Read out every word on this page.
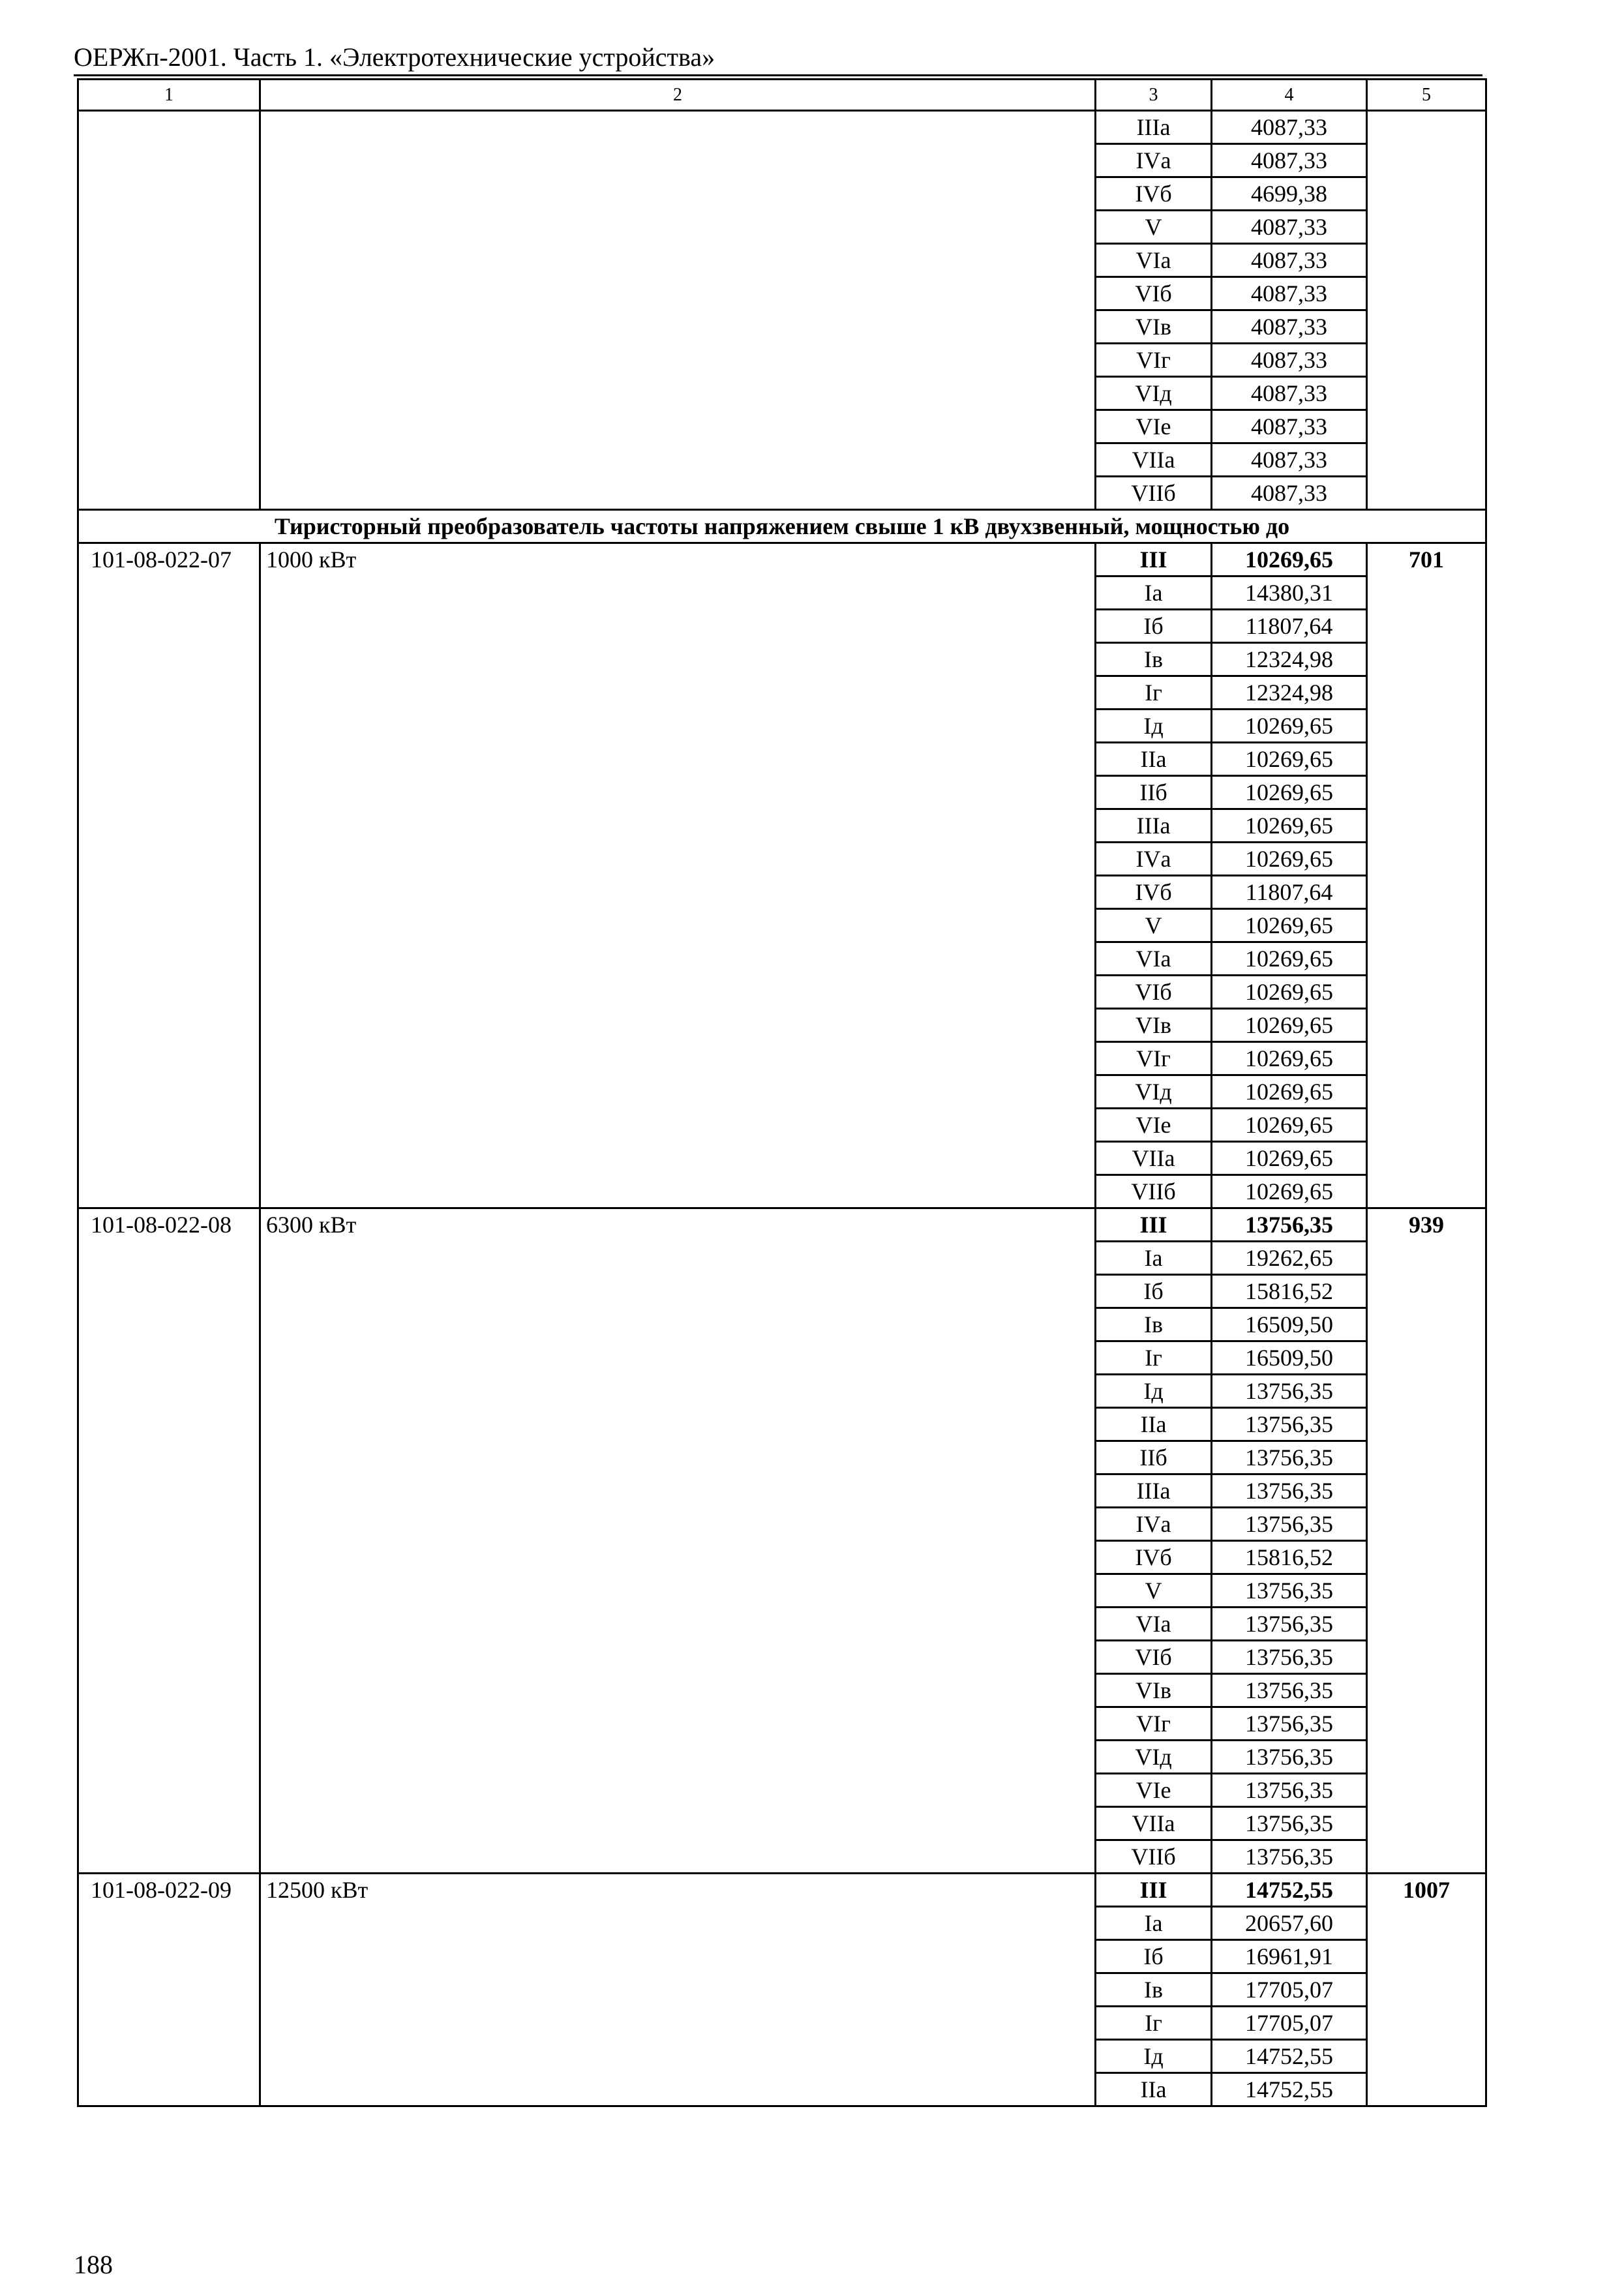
ОЕРЖп-2001. Часть 1. «Электротехнические устройства»
1	2	3	4	5
		IIIа	4087,33	
		IVа	4087,33	
		IVб	4699,38	
		V	4087,33	
		VIа	4087,33	
		VIб	4087,33	
		VIв	4087,33	
		VIг	4087,33	
		VIд	4087,33	
		VIе	4087,33	
		VIIа	4087,33	
		VIIб	4087,33	
Тиристорный преобразователь частоты напряжением свыше 1 кВ двухзвенный, мощностью до				
101-08-022-07	1000 кВт	III	10269,65	701
		Iа	14380,31	
		Iб	11807,64	
		Iв	12324,98	
		Iг	12324,98	
		Iд	10269,65	
		IIа	10269,65	
		IIб	10269,65	
		IIIа	10269,65	
		IVа	10269,65	
		IVб	11807,64	
		V	10269,65	
		VIа	10269,65	
		VIб	10269,65	
		VIв	10269,65	
		VIг	10269,65	
		VIд	10269,65	
		VIе	10269,65	
		VIIа	10269,65	
		VIIб	10269,65	
101-08-022-08	6300 кВт	III	13756,35	939
		Iа	19262,65	
		Iб	15816,52	
		Iв	16509,50	
		Iг	16509,50	
		Iд	13756,35	
		IIа	13756,35	
		IIб	13756,35	
		IIIа	13756,35	
		IVа	13756,35	
		IVб	15816,52	
		V	13756,35	
		VIа	13756,35	
		VIб	13756,35	
		VIв	13756,35	
		VIг	13756,35	
		VIд	13756,35	
		VIе	13756,35	
		VIIа	13756,35	
		VIIб	13756,35	
101-08-022-09	12500 кВт	III	14752,55	1007
		Iа	20657,60	
		Iб	16961,91	
		Iв	17705,07	
		Iг	17705,07	
		Iд	14752,55	
		IIа	14752,55	
188
